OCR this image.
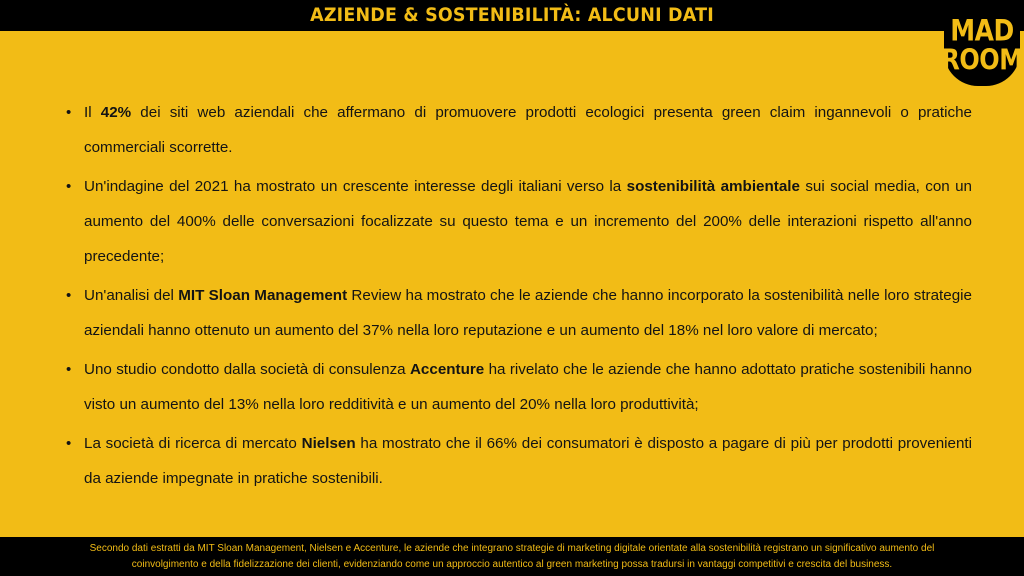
AZIENDE & SOSTENIBILITÀ: ALCUNI DATI	MAD
ROOM
• Il 42% dei siti web aziendali che affermano di promuovere prodotti ecologici presenta green claim ingannevoli o pratiche commerciali scorrette.
• Un'indagine del 2021 ha mostrato un crescente interesse degli italiani verso la sostenibilità ambientale sui social media, con un aumento del 400% delle conversazioni focalizzate su questo tema e un incremento del 200% delle interazioni rispetto all'anno precedente;
• Un'analisi del MIT Sloan Management Review ha mostrato che le aziende che hanno incorporato la sostenibilità nelle loro strategie aziendali hanno ottenuto un aumento del 37% nella loro reputazione e un aumento del 18% nel loro valore di mercato;
• Uno studio condotto dalla società di consulenza Accenture ha rivelato che le aziende che hanno adottato pratiche sostenibili hanno visto un aumento del 13% nella loro redditività e un aumento del 20% nella loro produttività;
• La società di ricerca di mercato Nielsen ha mostrato che il 66% dei consumatori è disposto a pagare di più per prodotti provenienti da aziende impegnate in pratiche sostenibili.
Secondo dati estratti da MIT Sloan Management, Nielsen e Accenture, le aziende che integrano strategie di marketing digitale orientate alla sostenibilità registrano un significativo aumento del
coinvolgimento e della fidelizzazione dei clienti, evidenziando come un approccio autentico al green marketing possa tradursi in vantaggi competitivi e crescita del business.
